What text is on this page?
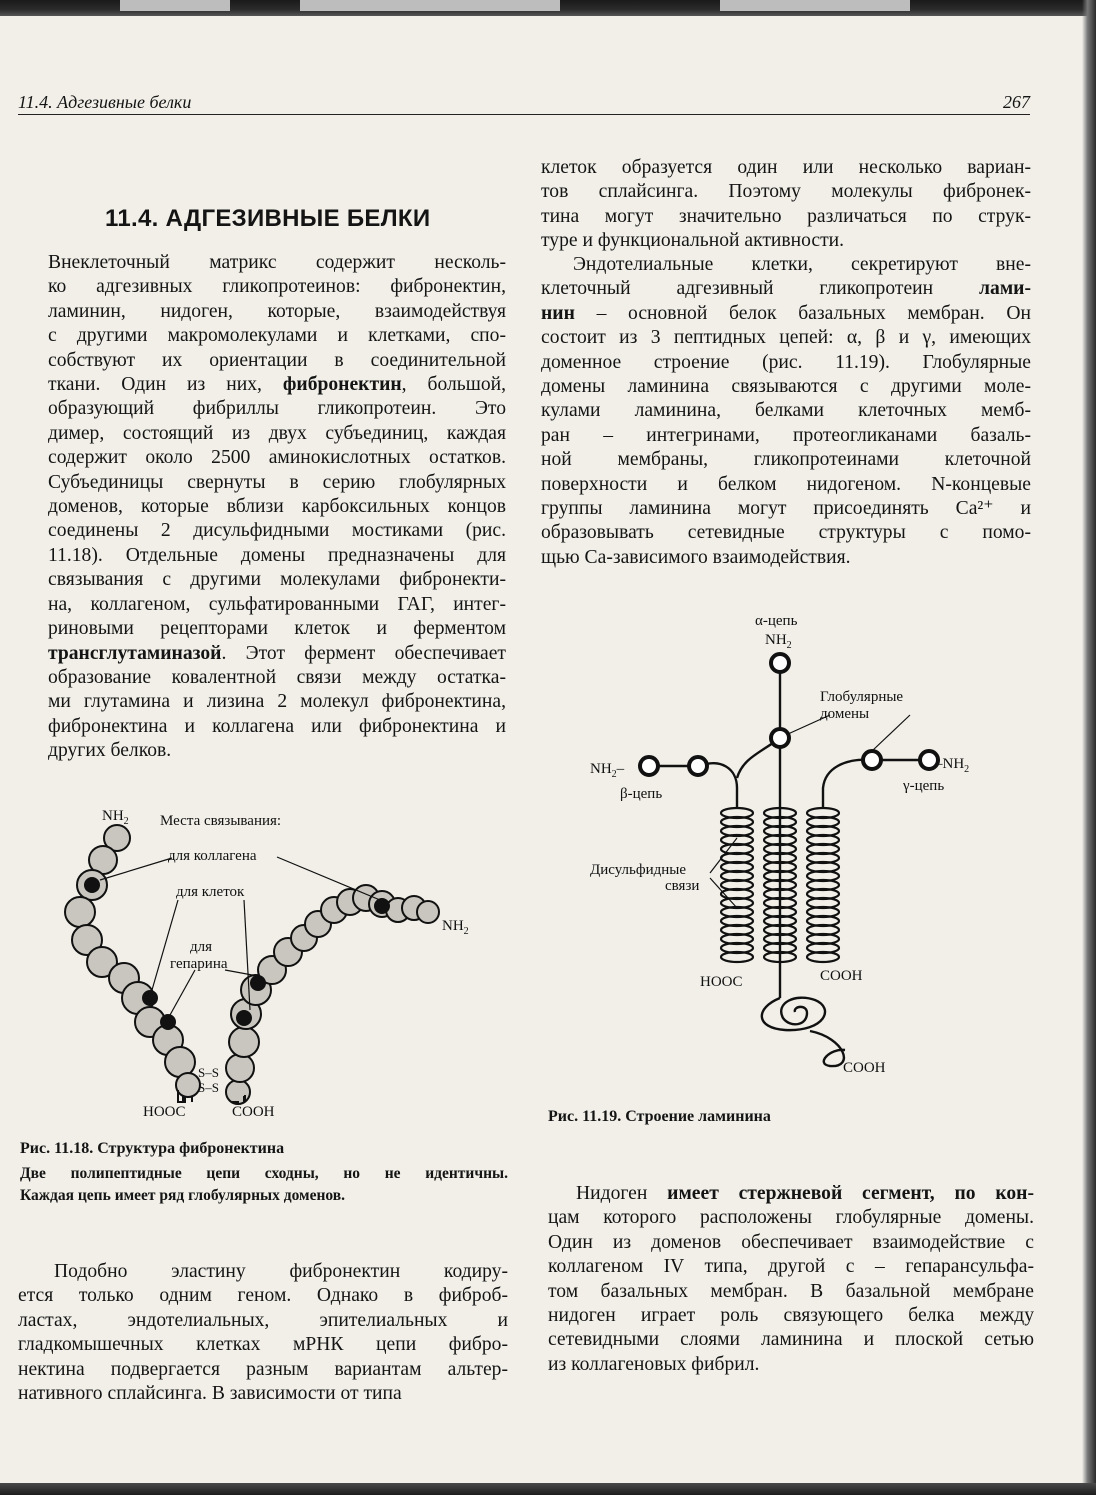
11.4. Адгезивные белки	267
11.4. АДГЕЗИВНЫЕ БЕЛКИ
Внеклеточный матрикс содержит несколь-
ко адгезивных гликопротеинов: фибронектин,
ламинин, нидоген, которые, взаимодействуя
с другими макромолекулами и клетками, спо-
собствуют их ориентации в соединительной
ткани. Один из них, фибронектин, большой,
образующий фибриллы гликопротеин. Это
димер, состоящий из двух субъединиц, каждая
содержит около 2500 аминокислотных остатков.
Субъединицы свернуты в серию глобулярных
доменов, которые вблизи карбоксильных концов
соединены 2 дисульфидными мостиками (рис.
11.18). Отдельные домены предназначены для
связывания с другими молекулами фибронекти-
на, коллагеном, сульфатированными ГАГ, интег-
риновыми рецепторами клеток и ферментом
трансглутаминазой. Этот фермент обеспечивает
образование ковалентной связи между остатка-
ми глутамина и лизина 2 молекул фибронектина,
фибронектина и коллагена или фибронектина и
других белков.
Подобно эластину фибронектин кодиру-
ется только одним геном. Однако в фиброб-
ластах, эндотелиальных, эпителиальных и
гладкомышечных клетках мРНК цепи фибро-
нектина подвергается разным вариантам альтер-
нативного сплайсинга. В зависимости от типа
клеток образуется один или несколько вариан-
тов сплайсинга. Поэтому молекулы фибронек-
тина могут значительно различаться по струк-
туре и функциональной активности.
Эндотелиальные клетки, секретируют вне-
клеточный адгезивный гликопротеин лами-
нин – основной белок базальных мембран. Он
состоит из 3 пептидных цепей: α, β и γ, имеющих
доменное строение (рис. 11.19). Глобулярные
домены ламинина связываются с другими моле-
кулами ламинина, белками клеточных мемб-
ран – интегринами, протеогликанами базаль-
ной мембраны, гликопротеинами клеточной
поверхности и белком нидогеном. N-концевые
группы ламинина могут присоединять Ca²⁺ и
образовывать сетевидные структуры с помо-
щью Ca-зависимого взаимодействия.
Нидоген имеет стержневой сегмент, по кон-
цам которого расположены глобулярные домены.
Один из доменов обеспечивает взаимодействие с
коллагеном IV типа, другой с – гепарансульфа-
том базальных мембран. В базальной мембране
нидоген играет роль связующего белка между
сетевидными слоями ламинина и плоской сетью
из коллагеновых фибрил.
$NH_2$ Места связывания:
для коллагена
для клеток
для
гепарина
$NH_2$
S–S
S–S
HOOC	COOH
Рис. 11.18. Структура фибронектина
Две полипептидные цепи сходны, но не идентичны.
Каждая цепь имеет ряд глобулярных доменов.
α-цепь
$NH_2$
Глобулярные
домены
$NH_2-$
β-цепь
$-NH_2$
γ-цепь
Дисульфидные
связи
HOOC	COOH
COOH
Рис. 11.19. Строение ламинина
